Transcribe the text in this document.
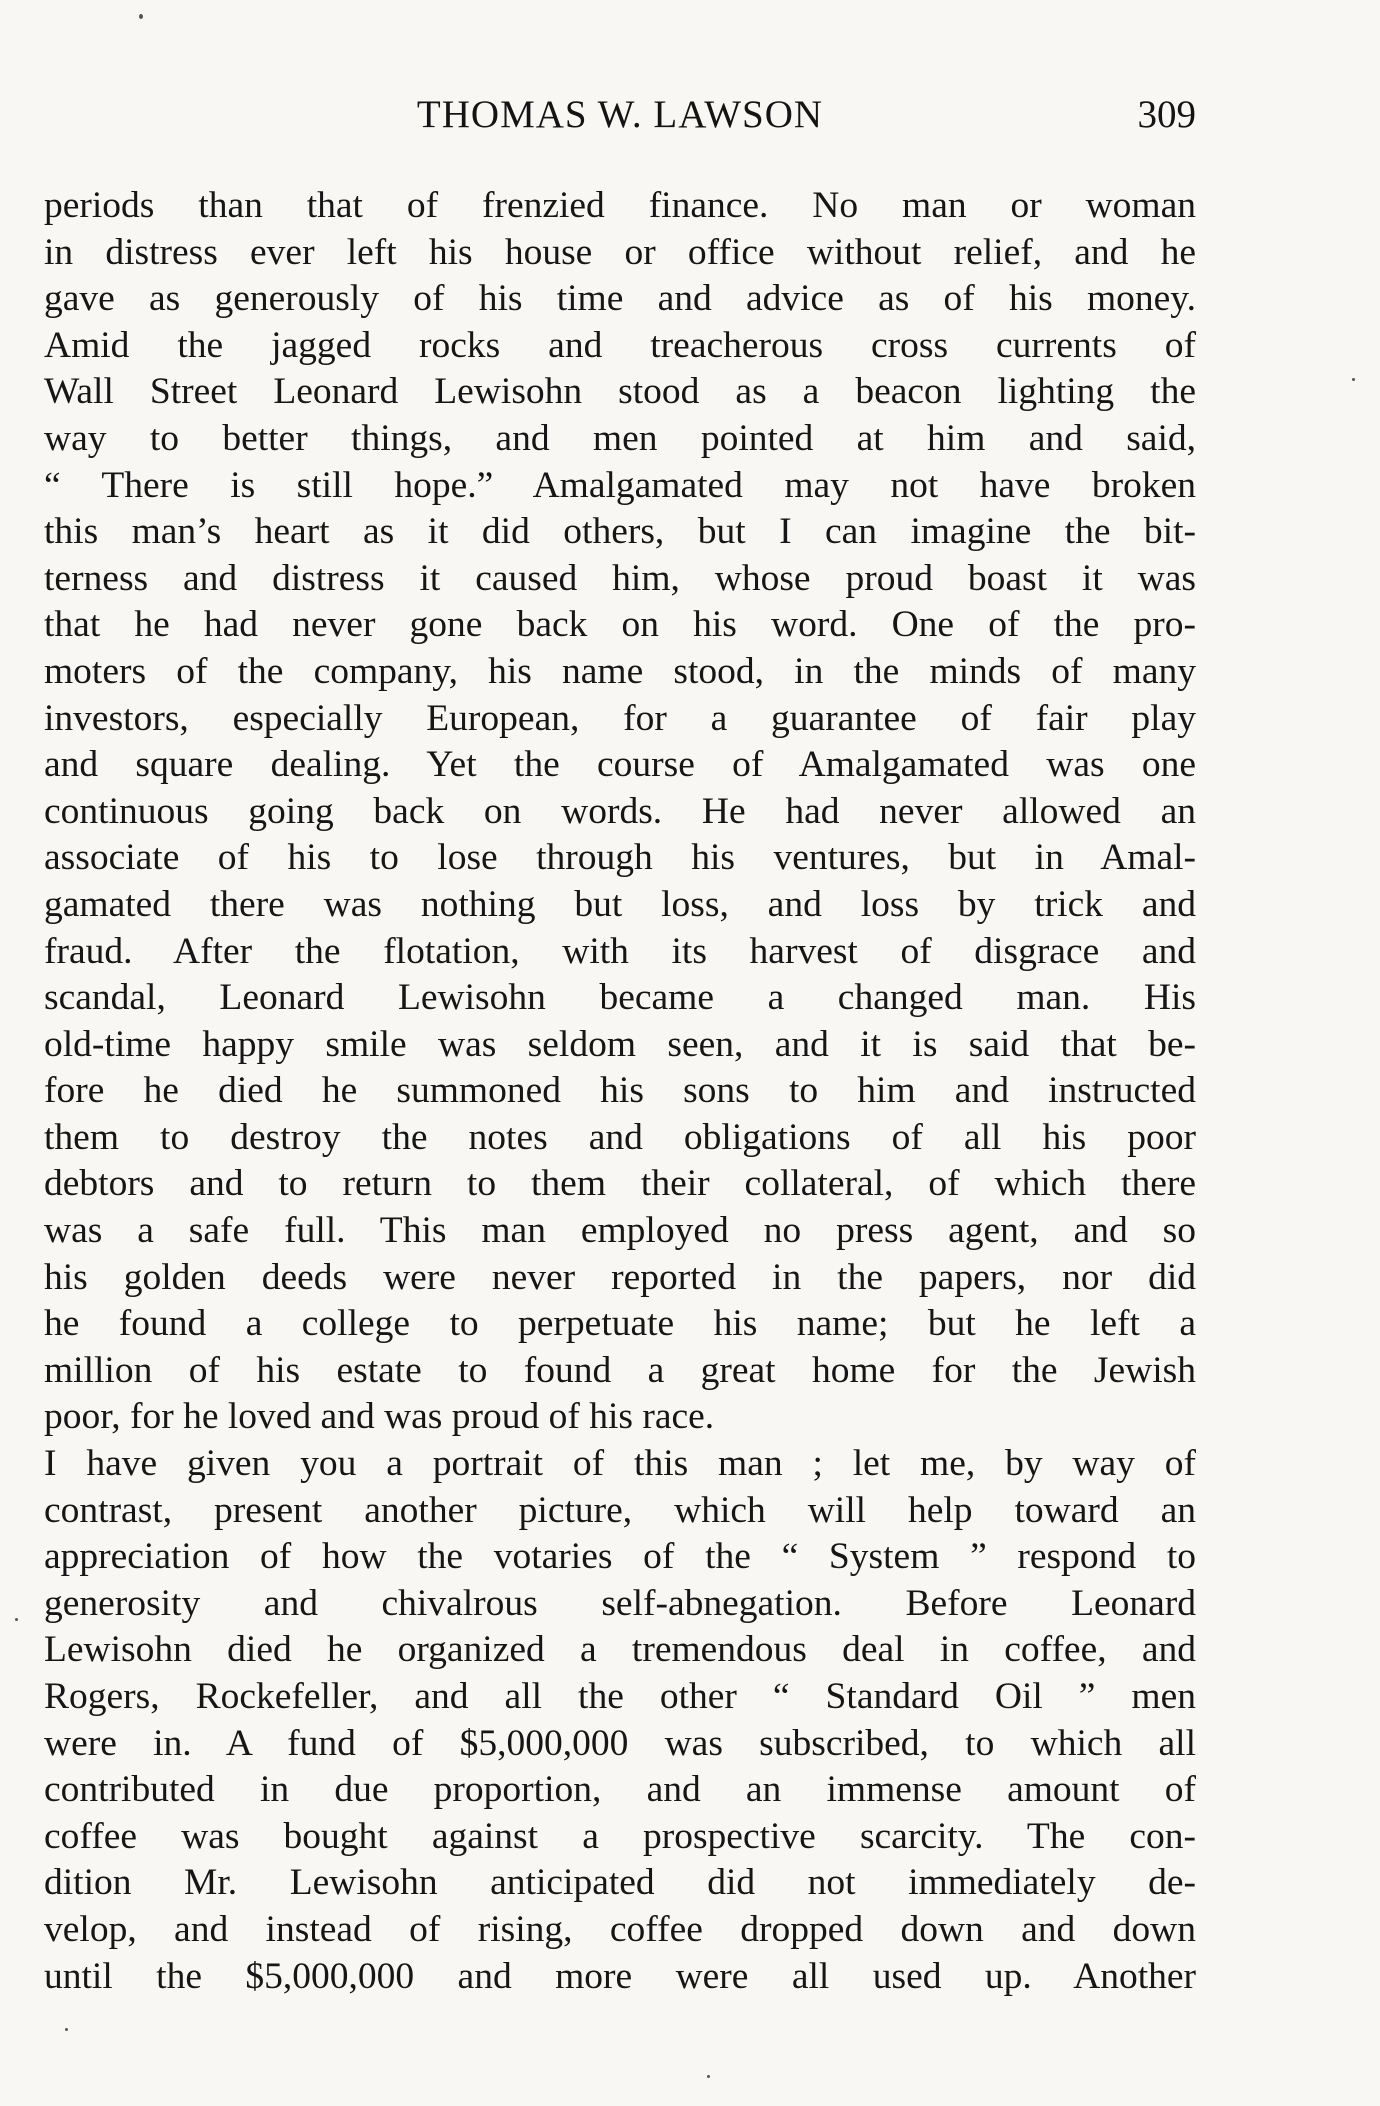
THOMAS W. LAWSON	309
periods than that of frenzied finance. No man or woman
in distress ever left his house or office without relief, and he
gave as generously of his time and advice as of his money.
Amid the jagged rocks and treacherous cross currents of
Wall Street Leonard Lewisohn stood as a beacon lighting the
way to better things, and men pointed at him and said,
“ There is still hope.” Amalgamated may not have broken
this man’s heart as it did others, but I can imagine the bit-
terness and distress it caused him, whose proud boast it was
that he had never gone back on his word. One of the pro-
moters of the company, his name stood, in the minds of many
investors, especially European, for a guarantee of fair play
and square dealing. Yet the course of Amalgamated was one
continuous going back on words. He had never allowed an
associate of his to lose through his ventures, but in Amal-
gamated there was nothing but loss, and loss by trick and
fraud. After the flotation, with its harvest of disgrace and
scandal, Leonard Lewisohn became a changed man. His
old-time happy smile was seldom seen, and it is said that be-
fore he died he summoned his sons to him and instructed
them to destroy the notes and obligations of all his poor
debtors and to return to them their collateral, of which there
was a safe full. This man employed no press agent, and so
his golden deeds were never reported in the papers, nor did
he found a college to perpetuate his name; but he left a
million of his estate to found a great home for the Jewish
poor, for he loved and was proud of his race.
I have given you a portrait of this man ; let me, by way of
contrast, present another picture, which will help toward an
appreciation of how the votaries of the “ System ” respond to
generosity and chivalrous self-abnegation. Before Leonard
Lewisohn died he organized a tremendous deal in coffee, and
Rogers, Rockefeller, and all the other “ Standard Oil ” men
were in. A fund of $5,000,000 was subscribed, to which all
contributed in due proportion, and an immense amount of
coffee was bought against a prospective scarcity. The con-
dition Mr. Lewisohn anticipated did not immediately de-
velop, and instead of rising, coffee dropped down and down
until the $5,000,000 and more were all used up. Another
